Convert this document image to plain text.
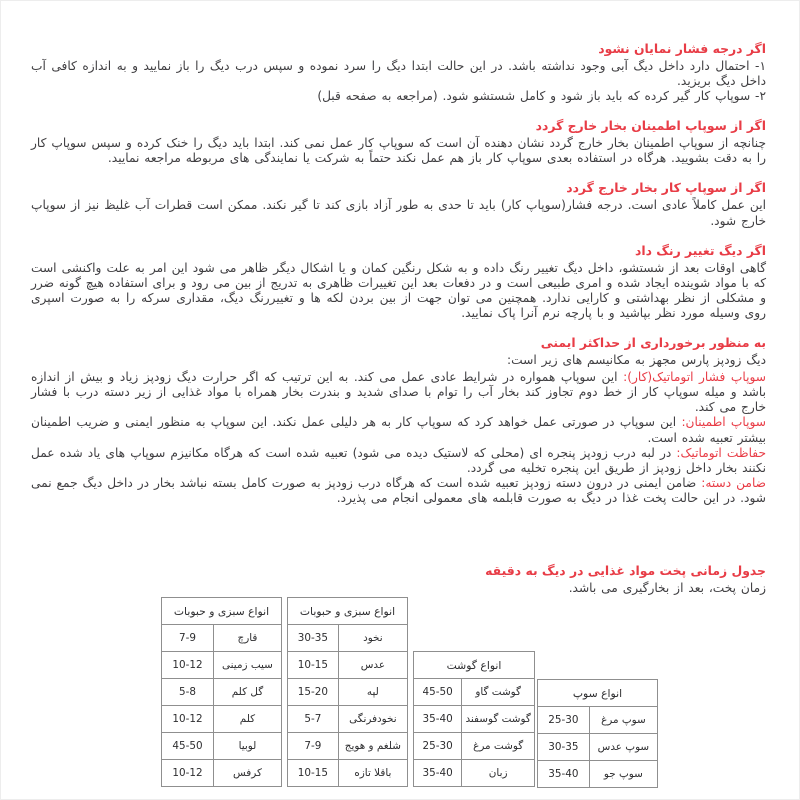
اگر درجه فشار نمایان نشود

۱- احتمال دارد داخل دیگ آبی وجود نداشته باشد. در این حالت ابتدا دیگ را سرد نموده و سپس درب دیگ را باز نمایید و به اندازه کافی آب داخل دیگ بریزید.

۲- سوپاپ کار گیر کرده که باید باز شود و کامل شستشو شود. (مراجعه به صفحه قبل)

اگر از سوپاپ اطمینان بخار خارج گردد

چنانچه از سوپاپ اطمینان بخار خارج گردد نشان دهنده آن است که سوپاپ کار عمل نمی کند. ابتدا باید دیگ را خنک کرده و سپس سوپاپ کار را به دقت بشویید. هرگاه در استفاده بعدی سوپاپ کار باز هم عمل نکند حتماً به شرکت یا نمایندگی های مربوطه مراجعه نمایید.

اگر از سوپاپ کار بخار خارج گردد

این عمل کاملاً عادی است. درجه فشار(سوپاپ کار) باید تا حدی به طور آزاد بازی کند تا گیر نکند. ممکن است قطرات آب غلیظ نیز از سوپاپ خارج شود.

اگر دیگ تغییر رنگ داد

گاهی اوقات بعد از شستشو، داخل دیگ تغییر رنگ داده و به شکل رنگین کمان و یا اشکال دیگر ظاهر می شود این امر به علت واکنشی است که با مواد شوینده ایجاد شده و امری طبیعی است و در دفعات بعد این تغییرات ظاهری به تدریج از بین می رود و برای استفاده هیچ گونه ضرر و مشکلی از نظر بهداشتی و کارایی ندارد. همچنین می توان جهت از بین بردن لکه ها و تغییررنگ دیگ، مقداری سرکه را به صورت اسپری روی وسیله مورد نظر بپاشید و با پارچه نرم آنرا پاک نمایید.

به منظور برخورداری از حداکثر ایمنی

دیگ زودپز پارس مجهز به مکانیسم های زیر است:

سوپاپ فشار اتوماتیک(کار): این سوپاپ همواره در شرایط عادی عمل می کند. به این ترتیب که اگر حرارت دیگ زودپز زیاد و بیش از اندازه باشد و میله سوپاپ کار از خط دوم تجاوز کند بخار آب را توام با صدای شدید و بندرت بخار همراه با مواد غذایی از زیر دسته درب با فشار خارج می کند.

سوپاپ اطمینان: این سوپاپ در صورتی عمل خواهد کرد که سوپاپ کار به هر دلیلی عمل نکند. این سوپاپ به منظور ایمنی و ضریب اطمینان بیشتر تعبیه شده است.

حفاظت اتوماتیک: در لبه درب زودپز پنجره ای (محلی که لاستیک دیده می شود) تعبیه شده است که هرگاه مکانیزم سوپاپ های یاد شده عمل نکنند بخار داخل زودپز از طریق این پنجره تخلیه می گردد.

ضامن دسته: ضامن ایمنی در درون دسته زودپز تعبیه شده است که هرگاه درب زودپز به صورت کامل بسته نباشد بخار در داخل دیگ جمع نمی شود. در این حالت پخت غذا در دیگ به صورت قابلمه های معمولی انجام می پذیرد.

جدول زمانی پخت مواد غذایی در دیگ به دقیقه

زمان پخت، بعد از بخارگیری می باشد.

انواع سبزی و حبوبات	
قارچ	7-9
سیب زمینی	10-12
گل کلم	5-8
کلم	10-12
لوبیا	45-50
کرفس	10-12
انواع سبزی و حبوبات	
نخود	30-35
عدس	10-15
لپه	15-20
نخودفرنگی	5-7
شلغم و هویج	7-9
باقلا تازه	10-15
انواع گوشت	
گوشت گاو	45-50
گوشت گوسفند	35-40
گوشت مرغ	25-30
زبان	35-40
انواع سوپ	
سوپ مرغ	25-30
سوپ عدس	30-35
سوپ جو	35-40
